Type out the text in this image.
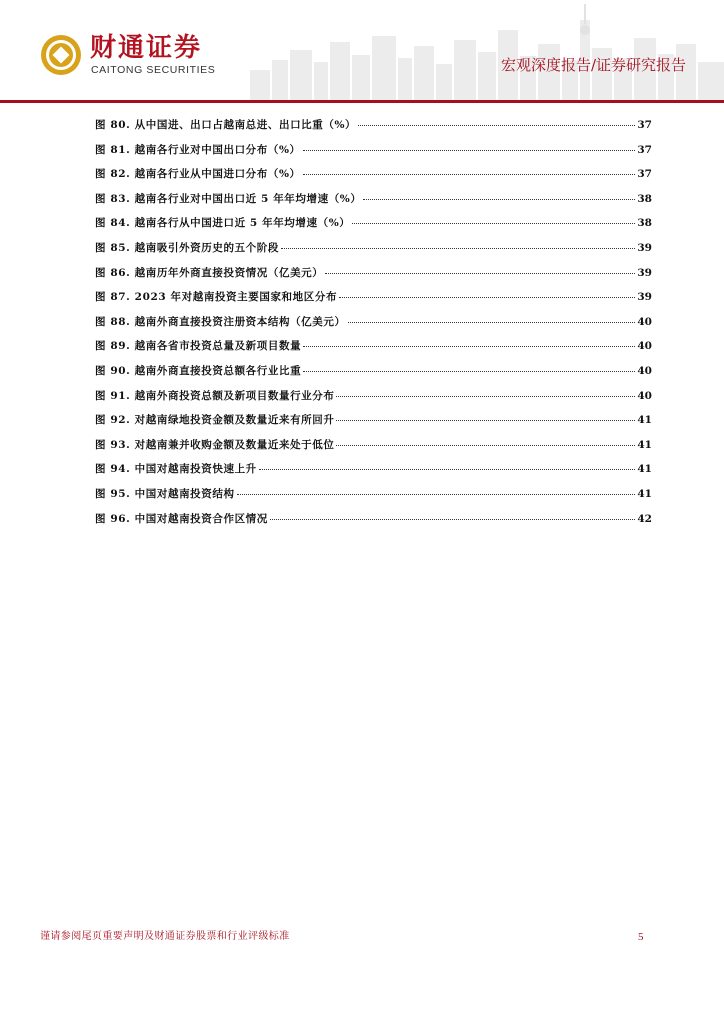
财通证券
CAITONG SECURITIES	宏观深度报告/证券研究报告
图 80. 从中国进、出口占越南总进、出口比重（%）	37
图 81. 越南各行业对中国出口分布（%）	37
图 82. 越南各行业从中国进口分布（%）	37
图 83. 越南各行业对中国出口近 5 年年均增速（%）	38
图 84. 越南各行从中国进口近 5 年年均增速（%）	38
图 85. 越南吸引外资历史的五个阶段	39
图 86. 越南历年外商直接投资情况（亿美元）	39
图 87. 2023 年对越南投资主要国家和地区分布	39
图 88. 越南外商直接投资注册资本结构（亿美元）	40
图 89. 越南各省市投资总量及新项目数量	40
图 90. 越南外商直接投资总额各行业比重	40
图 91. 越南外商投资总额及新项目数量行业分布	40
图 92. 对越南绿地投资金额及数量近来有所回升	41
图 93. 对越南兼并收购金额及数量近来处于低位	41
图 94. 中国对越南投资快速上升	41
图 95. 中国对越南投资结构	41
图 96. 中国对越南投资合作区情况	42
谨请参阅尾页重要声明及财通证券股票和行业评级标准	5
